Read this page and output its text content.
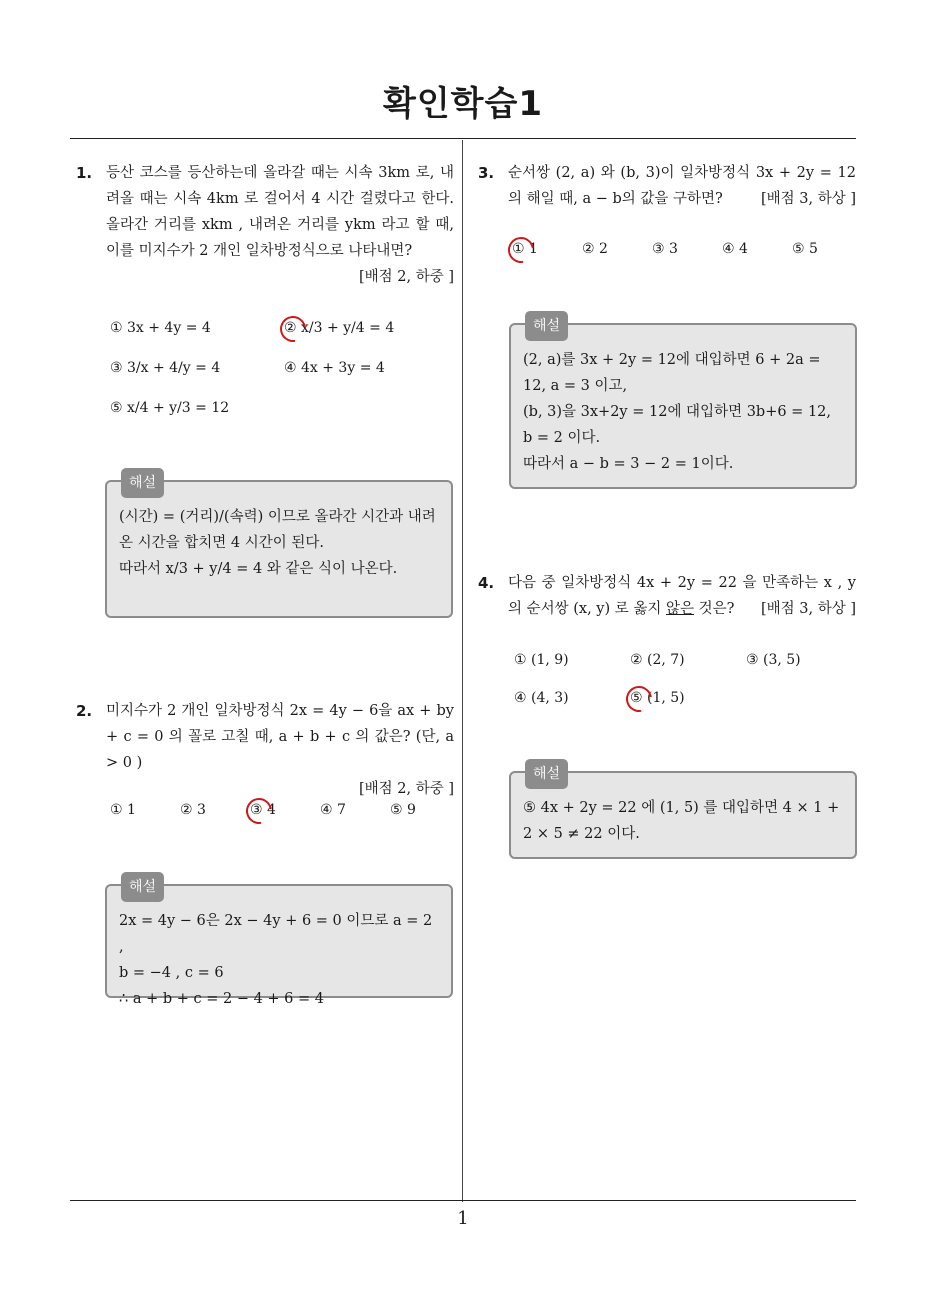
확인학습1
1. 등산 코스를 등산하는데 올라갈 때는 시속 3km 로, 내려올 때는 시속 4km 로 걸어서 4 시간 걸렸다고 한다. 올라간 거리를 xkm , 내려온 거리를 ykm 라고 할 때, 이를 미지수가 2 개인 일차방정식으로 나타내면?
[배점 2, 하중 ]
① 3x + 4y = 4	② x/3 + y/4 = 4
③ 3/x + 4/y = 4	④ 4x + 3y = 4
⑤ x/4 + y/3 = 12
해설
(시간) = (거리)/(속력) 이므로 올라간 시간과 내려온 시간을 합치면 4 시간이 된다.
따라서 x/3 + y/4 = 4 와 같은 식이 나온다.
2. 미지수가 2 개인 일차방정식 2x = 4y − 6을 ax + by + c = 0 의 꼴로 고칠 때, a + b + c 의 값은? (단, a > 0 )
[배점 2, 하중 ]
① 1	② 3	③ 4	④ 7	⑤ 9
해설
2x = 4y − 6은 2x − 4y + 6 = 0 이므로 a = 2 ,
b = −4 , c = 6
∴ a + b + c = 2 − 4 + 6 = 4
3. 순서쌍 (2, a) 와 (b, 3)이 일차방정식 3x + 2y = 12의 해일 때, a − b의 값을 구하면?	[배점 3, 하상 ]
① 1	② 2	③ 3	④ 4	⑤ 5
해설
(2, a)를 3x + 2y = 12에 대입하면 6 + 2a = 12, a = 3 이고,
(b, 3)을 3x+2y = 12에 대입하면 3b+6 = 12, b = 2 이다.
따라서 a − b = 3 − 2 = 1이다.
4. 다음 중 일차방정식 4x + 2y = 22 을 만족하는 x , y 의 순서쌍 (x, y) 로 옳지 않은 것은?	[배점 3, 하상 ]
① (1, 9)	② (2, 7)	③ (3, 5)
④ (4, 3)	⑤ (1, 5)
해설
⑤ 4x + 2y = 22 에 (1, 5) 를 대입하면 4 × 1 + 2 × 5 ≠ 22 이다.
1
